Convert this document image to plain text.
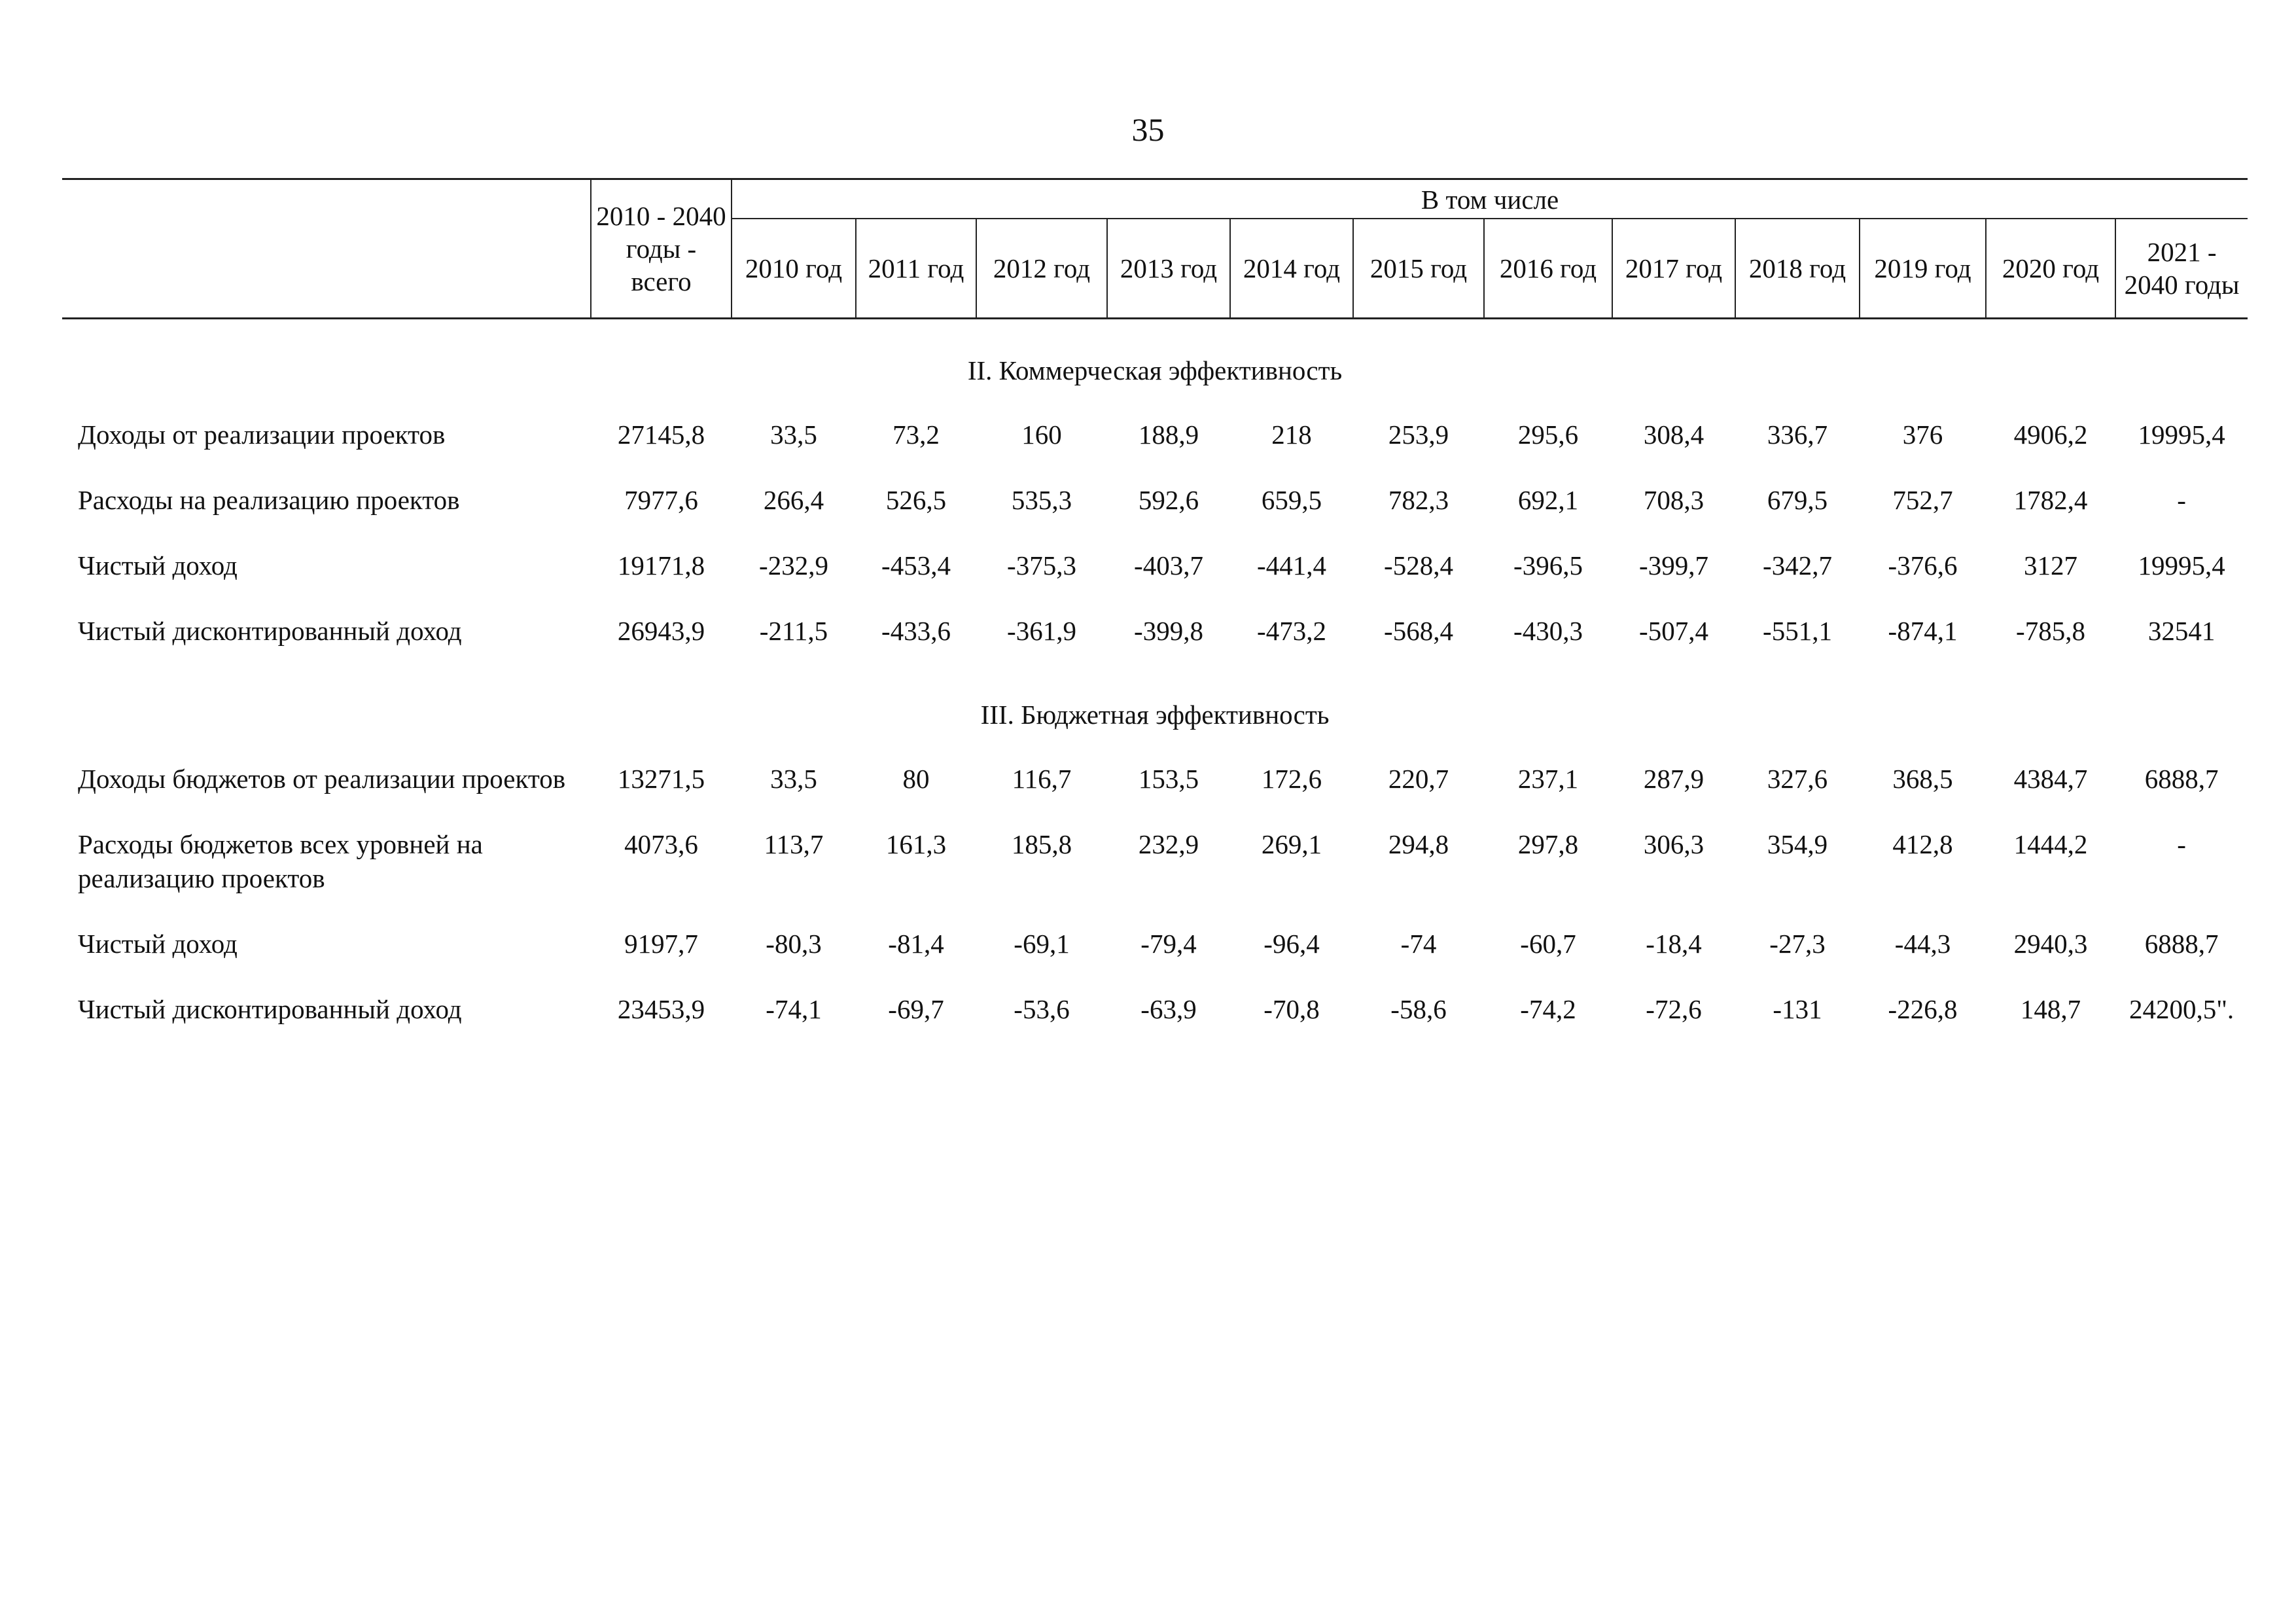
35
	2010 - 2040 годы - всего	В том числе											
		2010 год	2011 год	2012 год	2013 год	2014 год	2015 год	2016 год	2017 год	2018 год	2019 год	2020 год	2021 - 2040 годы
II. Коммерческая эффективность													
Доходы от реализации проектов	27145,8	33,5	73,2	160	188,9	218	253,9	295,6	308,4	336,7	376	4906,2	19995,4
Расходы на реализацию проектов	7977,6	266,4	526,5	535,3	592,6	659,5	782,3	692,1	708,3	679,5	752,7	1782,4	-
Чистый доход	19171,8	-232,9	-453,4	-375,3	-403,7	-441,4	-528,4	-396,5	-399,7	-342,7	-376,6	3127	19995,4
Чистый дисконтированный доход	26943,9	-211,5	-433,6	-361,9	-399,8	-473,2	-568,4	-430,3	-507,4	-551,1	-874,1	-785,8	32541
III. Бюджетная эффективность													
Доходы бюджетов от реализации проектов	13271,5	33,5	80	116,7	153,5	172,6	220,7	237,1	287,9	327,6	368,5	4384,7	6888,7
Расходы бюджетов всех уровней на реализацию проектов	4073,6	113,7	161,3	185,8	232,9	269,1	294,8	297,8	306,3	354,9	412,8	1444,2	-
Чистый доход	9197,7	-80,3	-81,4	-69,1	-79,4	-96,4	-74	-60,7	-18,4	-27,3	-44,3	2940,3	6888,7
Чистый дисконтированный доход	23453,9	-74,1	-69,7	-53,6	-63,9	-70,8	-58,6	-74,2	-72,6	-131	-226,8	148,7	24200,5".
